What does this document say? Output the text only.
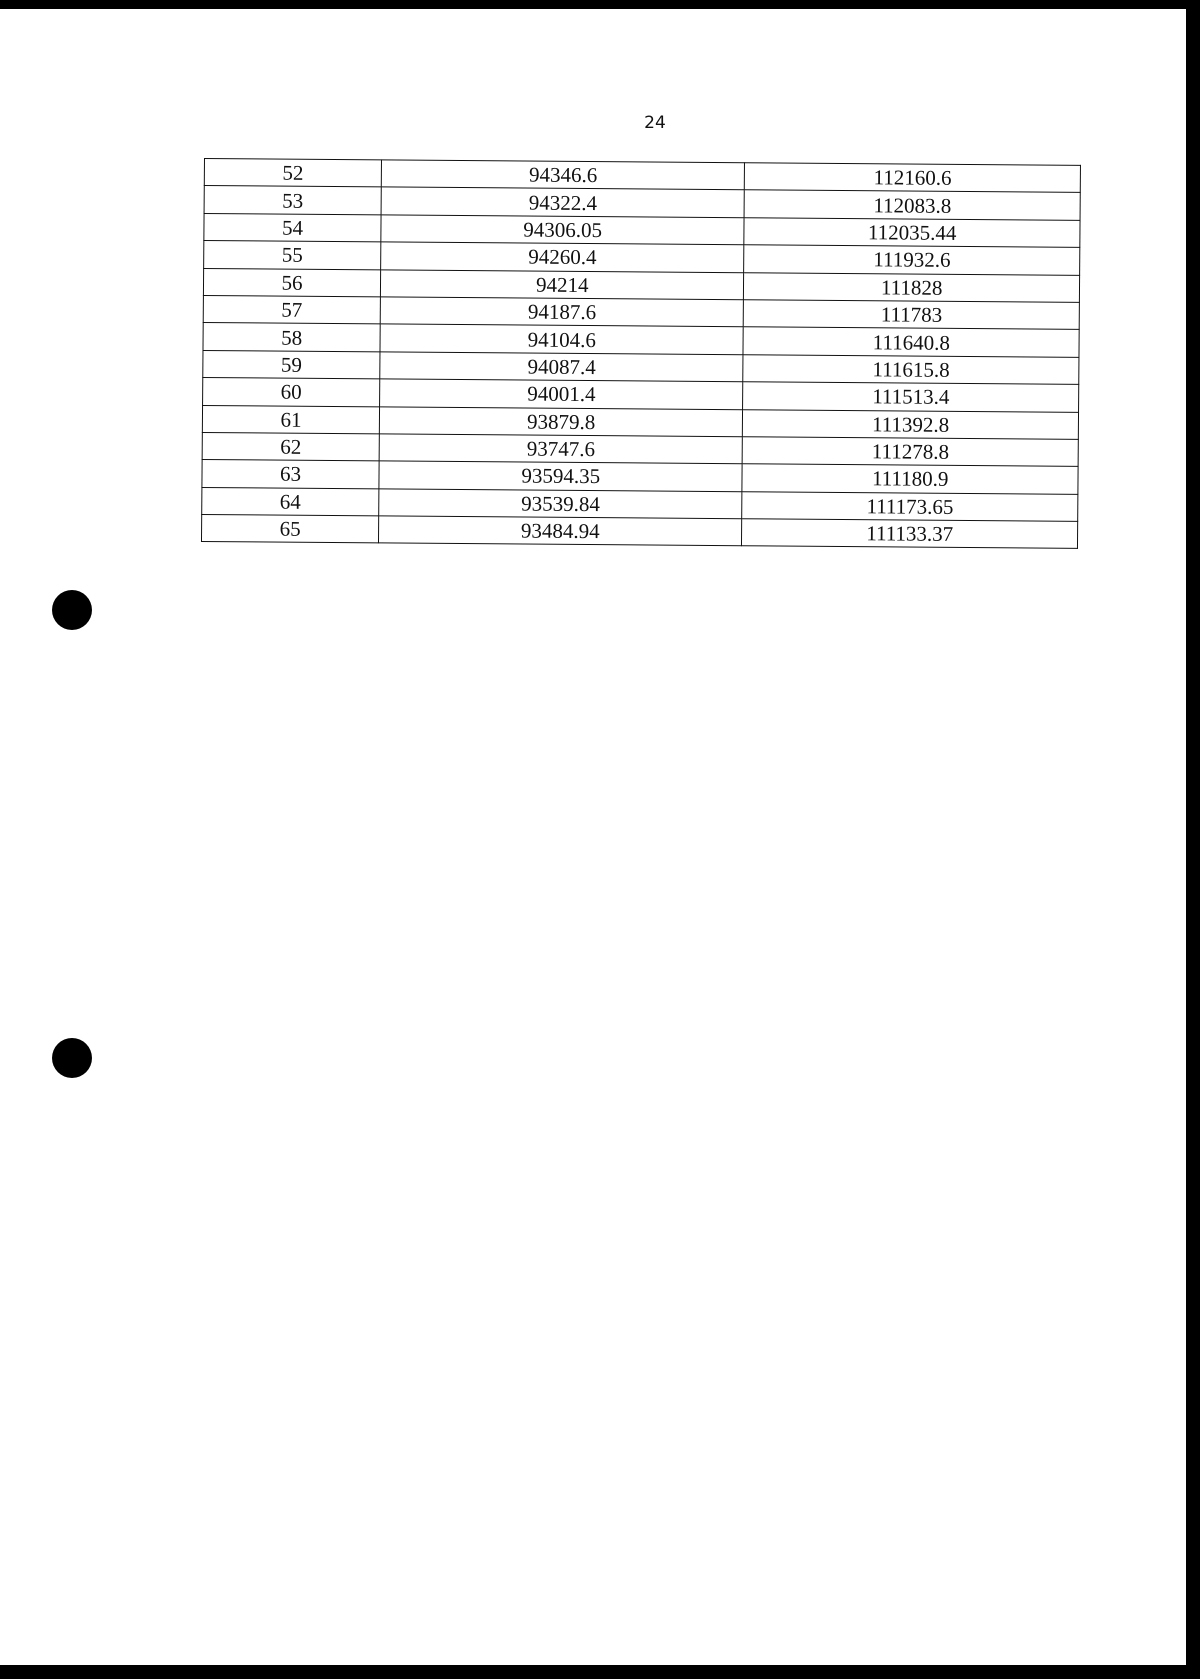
24
52	94346.6	112160.6
53	94322.4	112083.8
54	94306.05	112035.44
55	94260.4	111932.6
56	94214	111828
57	94187.6	111783
58	94104.6	111640.8
59	94087.4	111615.8
60	94001.4	111513.4
61	93879.8	111392.8
62	93747.6	111278.8
63	93594.35	111180.9
64	93539.84	111173.65
65	93484.94	111133.37
